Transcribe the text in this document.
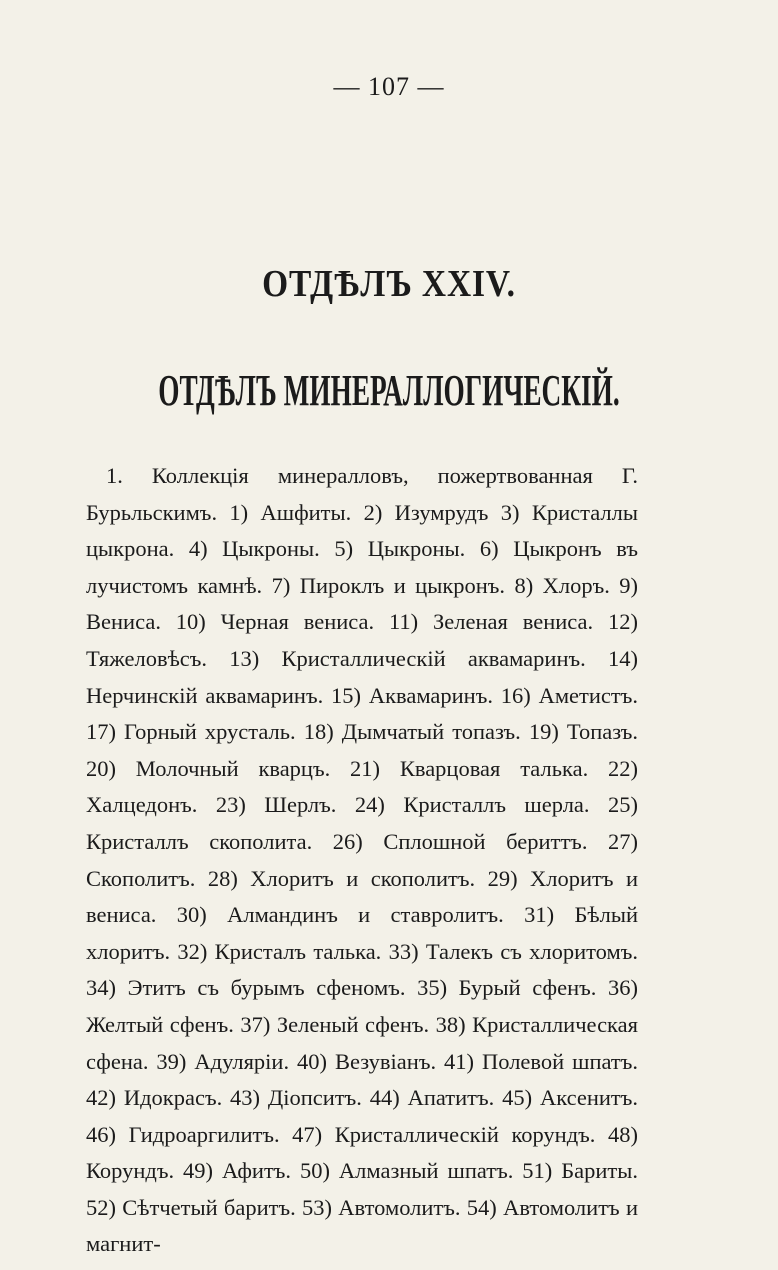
— 107 —
ОТДѢЛЪ XXIV.
ОТДѢЛЪ МИНЕРАЛЛОГИЧЕСКІЙ.

1. Коллекція минералловъ, пожертвованная Г. Бурьльскимъ. 1) Ашфиты. 2) Изумрудъ 3) Кристаллы цыкрона. 4) Цыкроны. 5) Цыкроны. 6) Цыкронъ въ лучистомъ камнѣ. 7) Пироклъ и цыкронъ. 8) Хлоръ. 9) Вениса. 10) Черная вениса. 11) Зеленая вениса. 12) Тяжеловѣсъ. 13) Кристаллическій аквамаринъ. 14) Нерчинскій аквамаринъ. 15) Аквамаринъ. 16) Аметистъ. 17) Горный хрусталь. 18) Дымчатый топазъ. 19) Топазъ. 20) Молочный кварцъ. 21) Кварцовая талька. 22) Халцедонъ. 23) Шерлъ. 24) Кристаллъ шерла. 25) Кристаллъ скополита. 26) Сплошной бериттъ. 27) Скополитъ. 28) Хлоритъ и скополитъ. 29) Хлоритъ и вениса. 30) Алмандинъ и ставролитъ. 31) Бѣлый хлоритъ. 32) Кристалъ талька. 33) Талекъ съ хлоритомъ. 34) Этитъ съ бурымъ сфеномъ. 35) Бурый сфенъ. 36) Желтый сфенъ. 37) Зеленый сфенъ. 38) Кристаллическая сфена. 39) Адуляріи. 40) Везувіанъ. 41) Полевой шпатъ. 42) Идокрасъ. 43) Діопситъ. 44) Апатитъ. 45) Аксенитъ. 46) Гидроаргилитъ. 47) Кристаллическій корундъ. 48) Корундъ. 49) Афитъ. 50) Алмазный шпатъ. 51) Бариты. 52) Сѣтчетый баритъ. 53) Автомолитъ. 54) Автомолитъ и магнит-
